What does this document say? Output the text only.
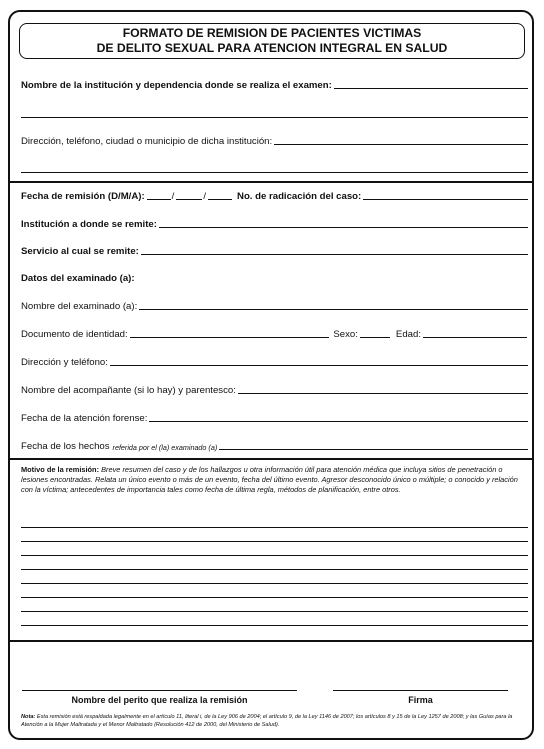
FORMATO DE REMISION DE PACIENTES VICTIMAS
DE DELITO SEXUAL PARA ATENCION INTEGRAL EN SALUD
Nombre de la institución y dependencia donde se realiza el examen:
Dirección, teléfono, ciudad o municipio de dicha institución:
Fecha de remisión (D/M/A):	/	/	No. de radicación del caso:
Institución a donde se remite:
Servicio al cual se remite:
Datos del examinado (a):
Nombre del examinado (a):
Documento de identidad:	Sexo:	Edad:
Dirección y teléfono:
Nombre del acompañante (si lo hay) y parentesco:
Fecha de la atención forense:
Fecha de los hechos referida por el (la) examinado (a)
Motivo de la remisión: Breve resumen del caso y de los hallazgos u otra información útil para atención médica que incluya sitios de penetración o lesiones encontradas. Relata un único evento o más de un evento, fecha del último evento. Agresor desconocido único o múltiple; o conocido y relación con la víctima; antecedentes de importancia tales como fecha de última regla, métodos de planificación, entre otros.
Nombre del perito que realiza la remisión	Firma
Nota: Esta remisión está respaldada legalmente en el artículo 11, literal i, de la Ley 906 de 2004; el artículo 9, de la Ley 1146 de 2007; los artículos 8 y 15 de la Ley 1257 de 2008; y las Guías para la Atención a la Mujer Maltratada y el Menor Maltratado (Resolución 412 de 2000, del Ministerio de Salud).
